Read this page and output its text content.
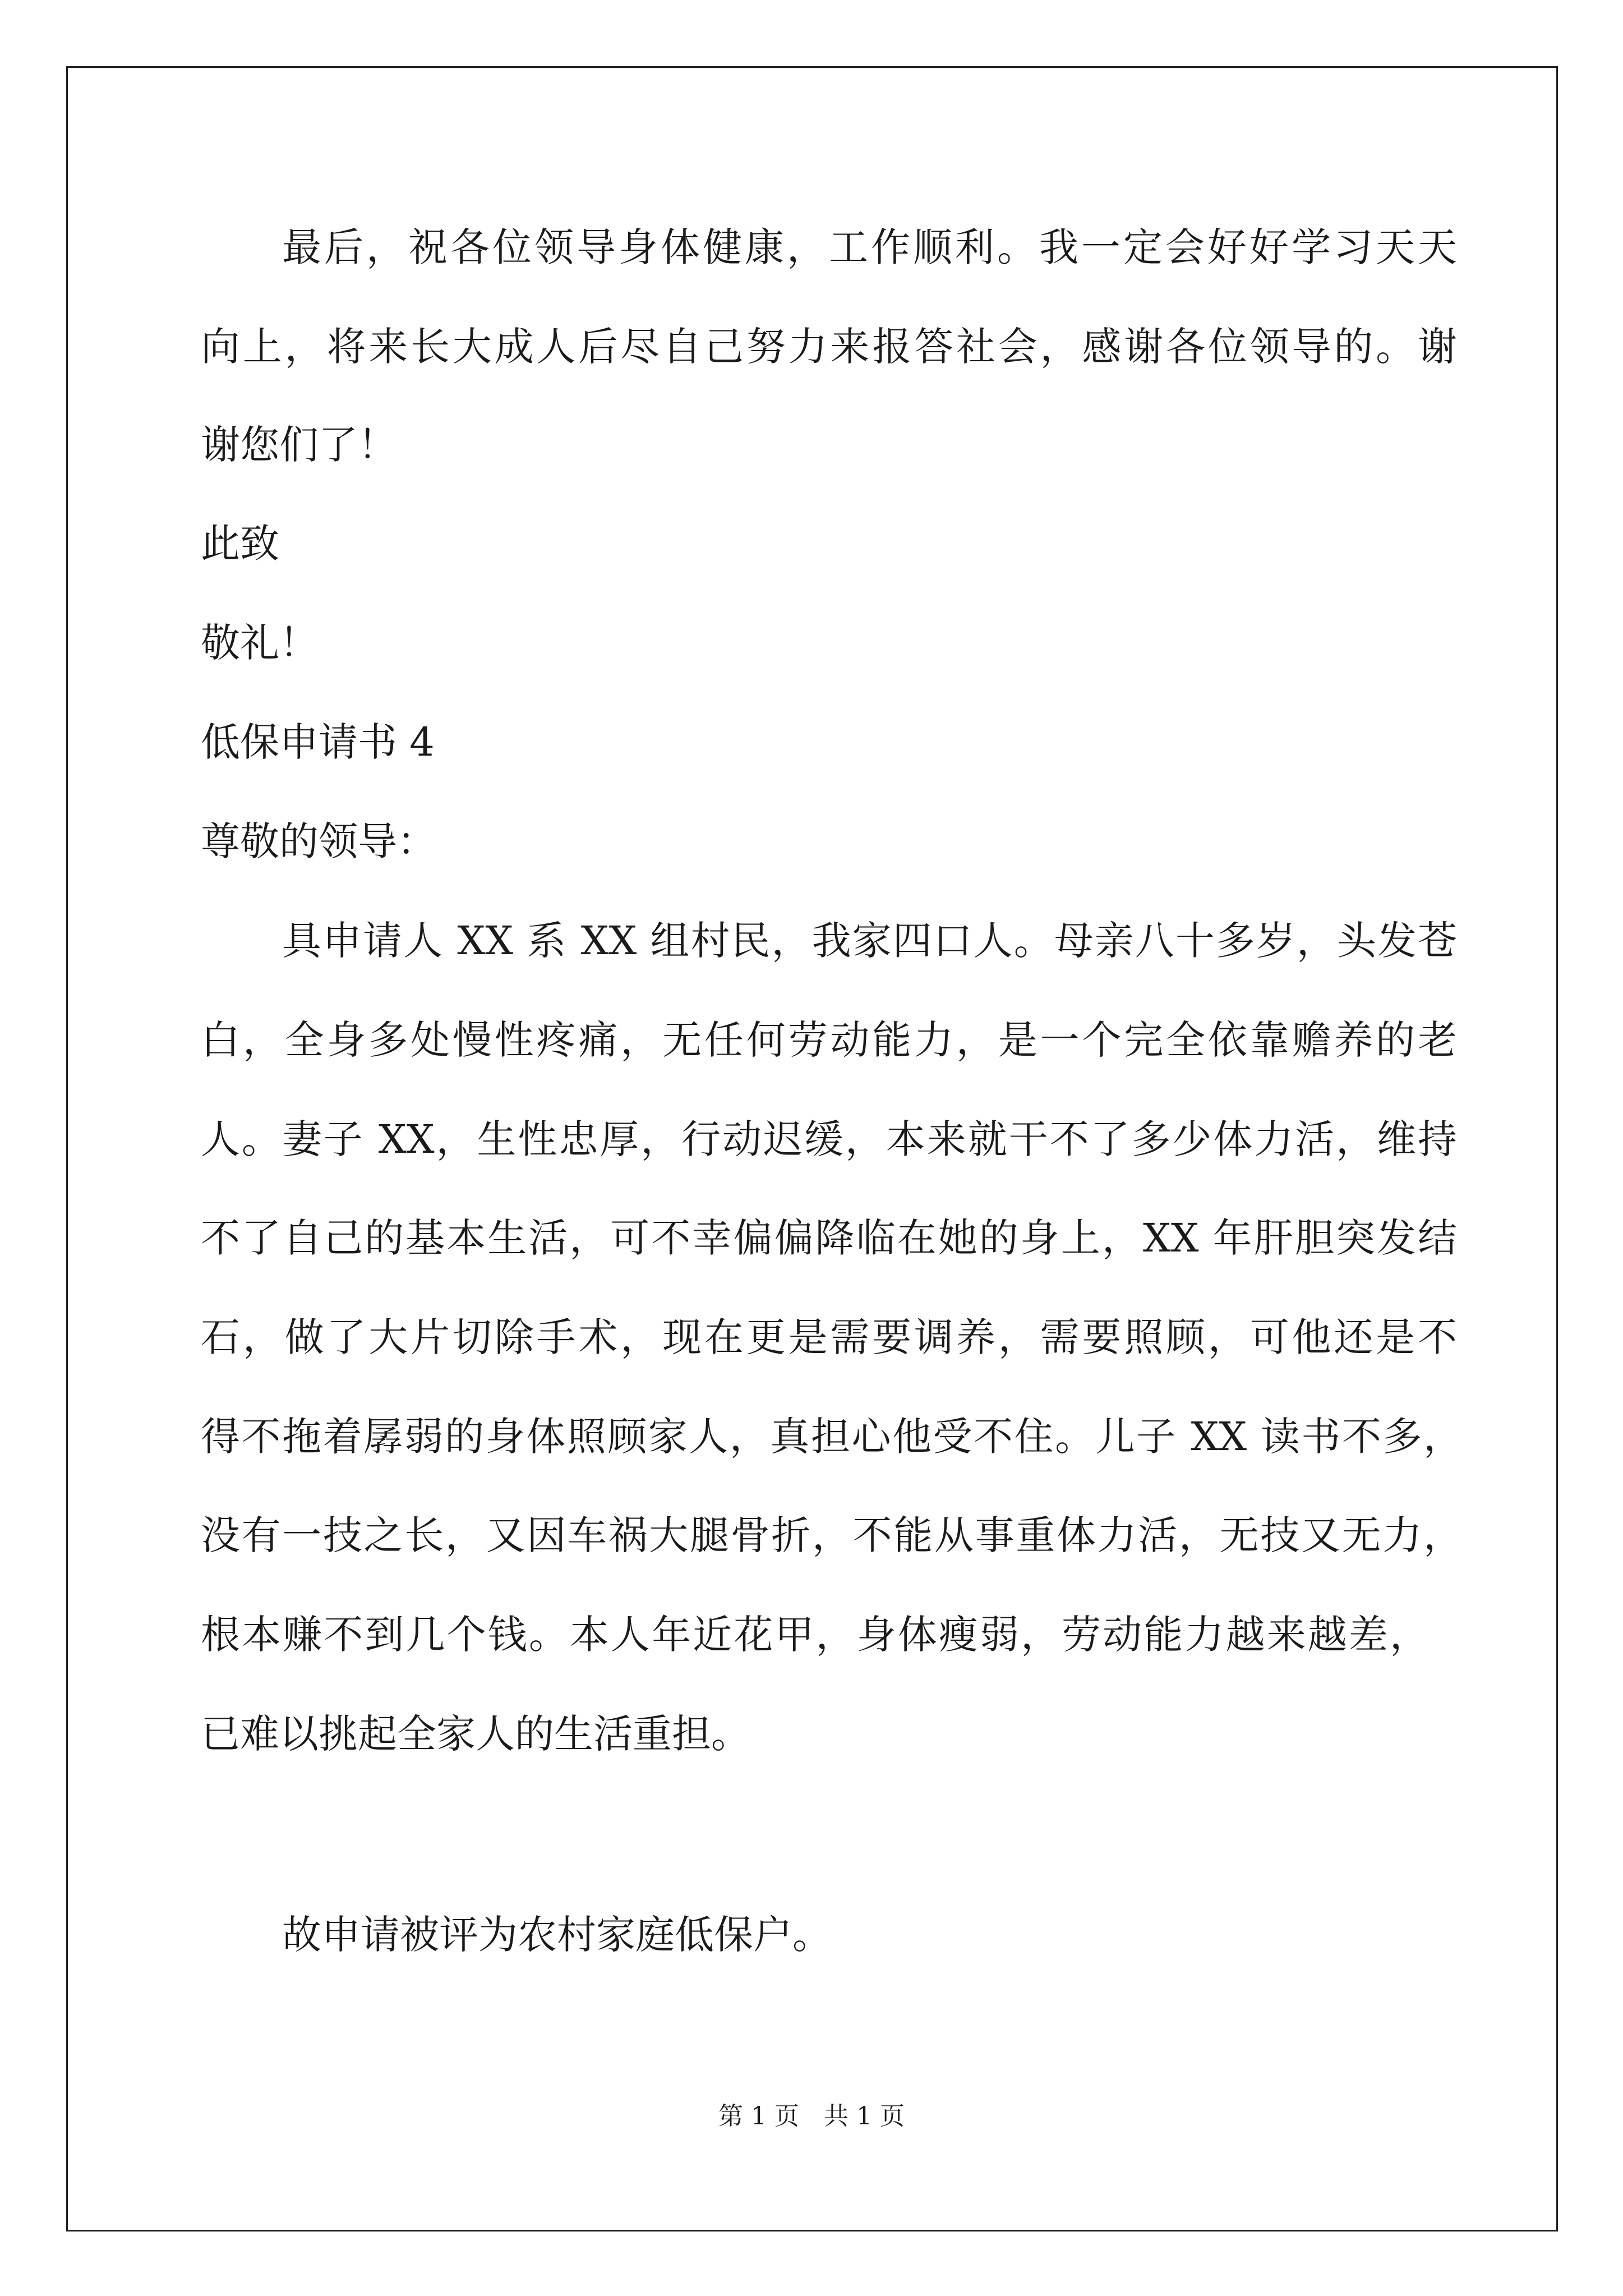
最后，祝各位领导身体健康，工作顺利。我一定会好好学习天天
向上，将来长大成人后尽自己努力来报答社会，感谢各位领导的。谢
谢您们了！
此致
敬礼！
低保申请书 4
尊敬的领导：
具申请人 XX 系 XX 组村民，我家四口人。母亲八十多岁，头发苍
白，全身多处慢性疼痛，无任何劳动能力，是一个完全依靠赡养的老
人。妻子 XX，生性忠厚，行动迟缓，本来就干不了多少体力活，维持
不了自己的基本生活，可不幸偏偏降临在她的身上，XX 年肝胆突发结
石，做了大片切除手术，现在更是需要调养，需要照顾，可他还是不
得不拖着孱弱的身体照顾家人，真担心他受不住。儿子 XX 读书不多，
没有一技之长，又因车祸大腿骨折，不能从事重体力活，无技又无力，
根本赚不到几个钱。本人年近花甲，身体瘦弱，劳动能力越来越差，
已难以挑起全家人的生活重担。
故申请被评为农村家庭低保户。
第 1 页　共 1 页
